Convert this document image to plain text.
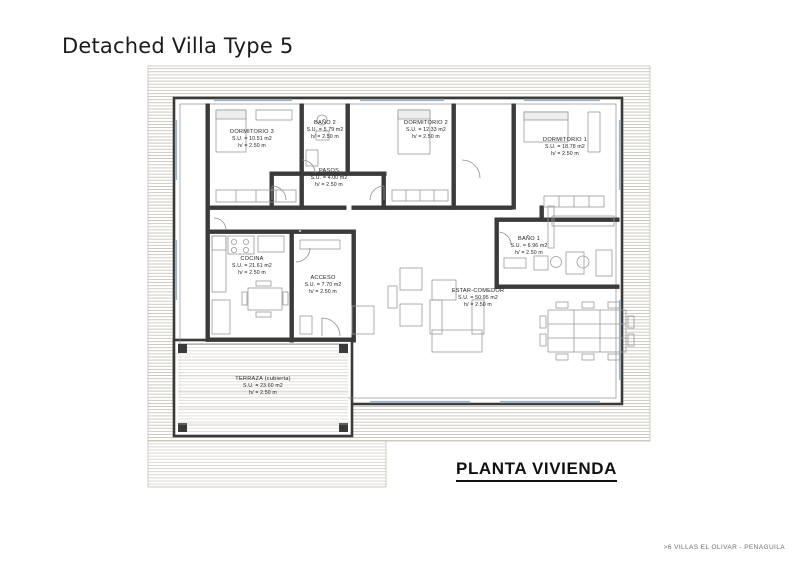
Detached Villa Type 5
DORMITORIO 3
S.U. = 10.51 m2
h/ = 2.50 m
BAÑO 2
S.U. = 5.79 m2
h/ = 2.50 m
DORMITORIO 2
S.U. = 12.33 m2
h/ = 2.50 m
DORMITORIO 1
S.U. = 18.78 m2
h/ = 2.50 m
PASOS
S.U. = 4.00 m2
h/ = 2.50 m
COCINA
S.U. = 21.61 m2
h/ = 2.50 m
ACCESO
S.U. = 7.70 m2
h/ = 2.50 m
BAÑO 1
S.U. = 6.96 m2
h/ = 2.50 m
ESTAR-COMEDOR
S.U. = 50.95 m2
h/ = 2.50 m
TERRAZA (cubierta)
S.U. = 23.60 m2
h/ = 2.50 m
PLANTA VIVIENDA
>6 VILLAS EL OLIVAR - PENAGUILA
